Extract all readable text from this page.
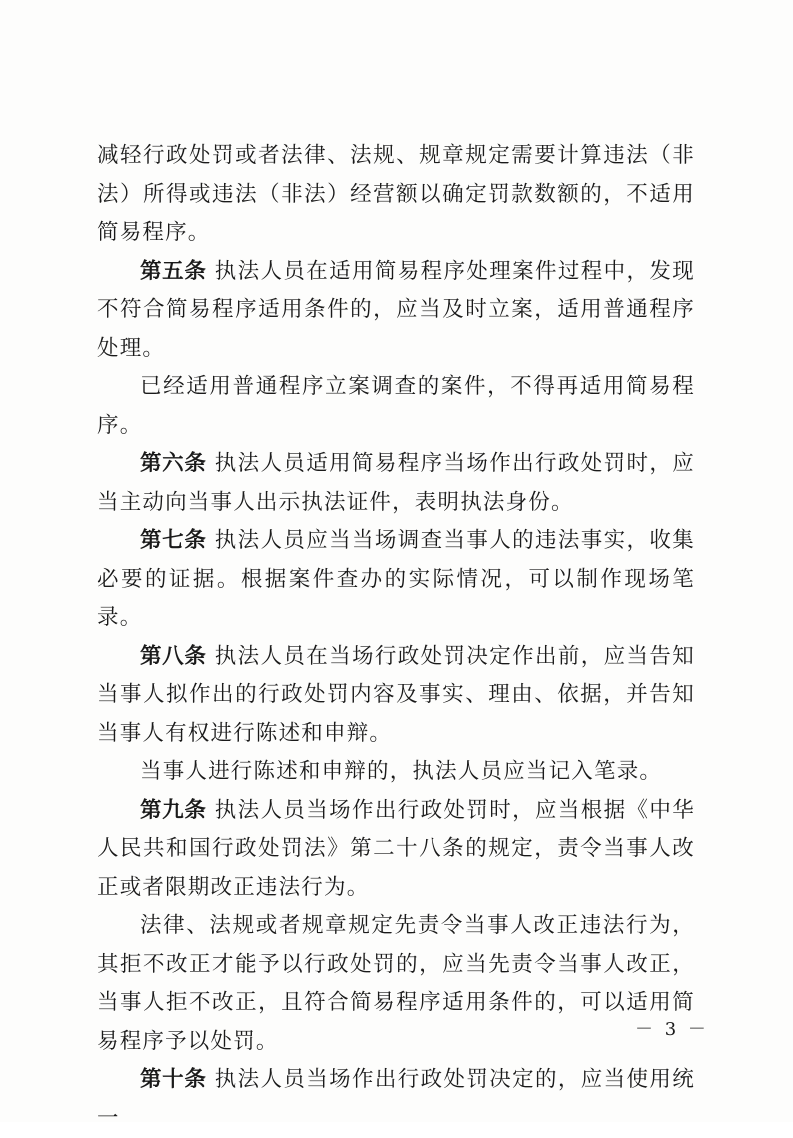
减轻行政处罚或者法律、法规、规章规定需要计算违法（非法）所得或违法（非法）经营额以确定罚款数额的，不适用简易程序。

第五条 执法人员在适用简易程序处理案件过程中，发现不符合简易程序适用条件的，应当及时立案，适用普通程序处理。

已经适用普通程序立案调查的案件，不得再适用简易程序。

第六条 执法人员适用简易程序当场作出行政处罚时，应当主动向当事人出示执法证件，表明执法身份。

第七条 执法人员应当当场调查当事人的违法事实，收集必要的证据。根据案件查办的实际情况，可以制作现场笔录。

第八条 执法人员在当场行政处罚决定作出前，应当告知当事人拟作出的行政处罚内容及事实、理由、依据，并告知当事人有权进行陈述和申辩。

当事人进行陈述和申辩的，执法人员应当记入笔录。

第九条 执法人员当场作出行政处罚时，应当根据《中华人民共和国行政处罚法》第二十八条的规定，责令当事人改正或者限期改正违法行为。

法律、法规或者规章规定先责令当事人改正违法行为，其拒不改正才能予以行政处罚的，应当先责令当事人改正，当事人拒不改正，且符合简易程序适用条件的，可以适用简易程序予以处罚。

第十条 执法人员当场作出行政处罚决定的，应当使用统一

－ 3 －
